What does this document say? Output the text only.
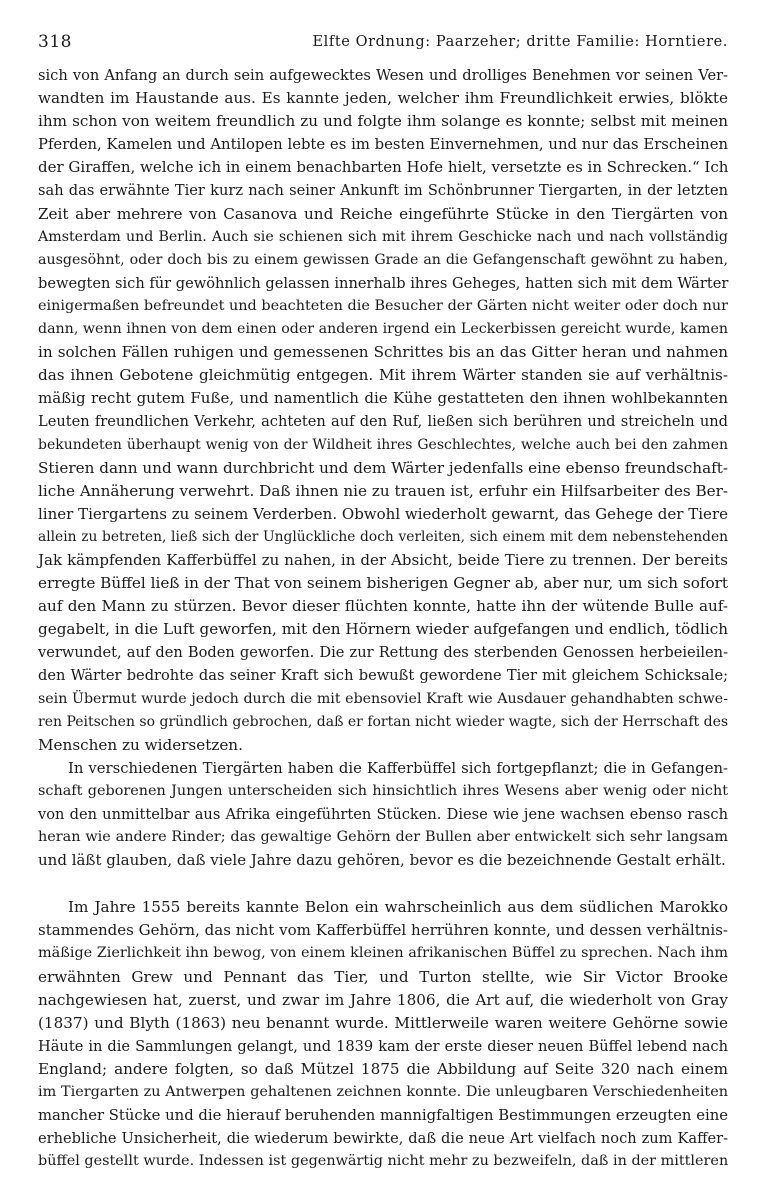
318	Elfte Ordnung: Paarzeher; dritte Familie: Horntiere.
sich von Anfang an durch sein aufgewecktes Wesen und drolliges Benehmen vor seinen Ver-
wandten im Haustande aus. Es kannte jeden, welcher ihm Freundlichkeit erwies, blökte
ihm schon von weitem freundlich zu und folgte ihm solange es konnte; selbst mit meinen
Pferden, Kamelen und Antilopen lebte es im besten Einvernehmen, und nur das Erscheinen
der Giraffen, welche ich in einem benachbarten Hofe hielt, versetzte es in Schrecken.“ Ich
sah das erwähnte Tier kurz nach seiner Ankunft im Schönbrunner Tiergarten, in der letzten
Zeit aber mehrere von Casanova und Reiche eingeführte Stücke in den Tiergärten von
Amsterdam und Berlin. Auch sie schienen sich mit ihrem Geschicke nach und nach vollständig
ausgesöhnt, oder doch bis zu einem gewissen Grade an die Gefangenschaft gewöhnt zu haben,
bewegten sich für gewöhnlich gelassen innerhalb ihres Geheges, hatten sich mit dem Wärter
einigermaßen befreundet und beachteten die Besucher der Gärten nicht weiter oder doch nur
dann, wenn ihnen von dem einen oder anderen irgend ein Leckerbissen gereicht wurde, kamen
in solchen Fällen ruhigen und gemessenen Schrittes bis an das Gitter heran und nahmen
das ihnen Gebotene gleichmütig entgegen. Mit ihrem Wärter standen sie auf verhältnis-
mäßig recht gutem Fuße, und namentlich die Kühe gestatteten den ihnen wohlbekannten
Leuten freundlichen Verkehr, achteten auf den Ruf, ließen sich berühren und streicheln und
bekundeten überhaupt wenig von der Wildheit ihres Geschlechtes, welche auch bei den zahmen
Stieren dann und wann durchbricht und dem Wärter jedenfalls eine ebenso freundschaft-
liche Annäherung verwehrt. Daß ihnen nie zu trauen ist, erfuhr ein Hilfsarbeiter des Ber-
liner Tiergartens zu seinem Verderben. Obwohl wiederholt gewarnt, das Gehege der Tiere
allein zu betreten, ließ sich der Unglückliche doch verleiten, sich einem mit dem nebenstehenden
Jak kämpfenden Kafferbüffel zu nahen, in der Absicht, beide Tiere zu trennen. Der bereits
erregte Büffel ließ in der That von seinem bisherigen Gegner ab, aber nur, um sich sofort
auf den Mann zu stürzen. Bevor dieser flüchten konnte, hatte ihn der wütende Bulle auf-
gegabelt, in die Luft geworfen, mit den Hörnern wieder aufgefangen und endlich, tödlich
verwundet, auf den Boden geworfen. Die zur Rettung des sterbenden Genossen herbeieilen-
den Wärter bedrohte das seiner Kraft sich bewußt gewordene Tier mit gleichem Schicksale;
sein Übermut wurde jedoch durch die mit ebensoviel Kraft wie Ausdauer gehandhabten schwe-
ren Peitschen so gründlich gebrochen, daß er fortan nicht wieder wagte, sich der Herrschaft des
Menschen zu widersetzen.
In verschiedenen Tiergärten haben die Kafferbüffel sich fortgepflanzt; die in Gefangen-
schaft geborenen Jungen unterscheiden sich hinsichtlich ihres Wesens aber wenig oder nicht
von den unmittelbar aus Afrika eingeführten Stücken. Diese wie jene wachsen ebenso rasch
heran wie andere Rinder; das gewaltige Gehörn der Bullen aber entwickelt sich sehr langsam
und läßt glauben, daß viele Jahre dazu gehören, bevor es die bezeichnende Gestalt erhält.
Im Jahre 1555 bereits kannte Belon ein wahrscheinlich aus dem südlichen Marokko
stammendes Gehörn, das nicht vom Kafferbüffel herrühren konnte, und dessen verhältnis-
mäßige Zierlichkeit ihn bewog, von einem kleinen afrikanischen Büffel zu sprechen. Nach ihm
erwähnten Grew und Pennant das Tier, und Turton stellte, wie Sir Victor Brooke
nachgewiesen hat, zuerst, und zwar im Jahre 1806, die Art auf, die wiederholt von Gray
(1837) und Blyth (1863) neu benannt wurde. Mittlerweile waren weitere Gehörne sowie
Häute in die Sammlungen gelangt, und 1839 kam der erste dieser neuen Büffel lebend nach
England; andere folgten, so daß Mützel 1875 die Abbildung auf Seite 320 nach einem
im Tiergarten zu Antwerpen gehaltenen zeichnen konnte. Die unleugbaren Verschiedenheiten
mancher Stücke und die hierauf beruhenden mannigfaltigen Bestimmungen erzeugten eine
erhebliche Unsicherheit, die wiederum bewirkte, daß die neue Art vielfach noch zum Kaffer-
büffel gestellt wurde. Indessen ist gegenwärtig nicht mehr zu bezweifeln, daß in der mittleren
